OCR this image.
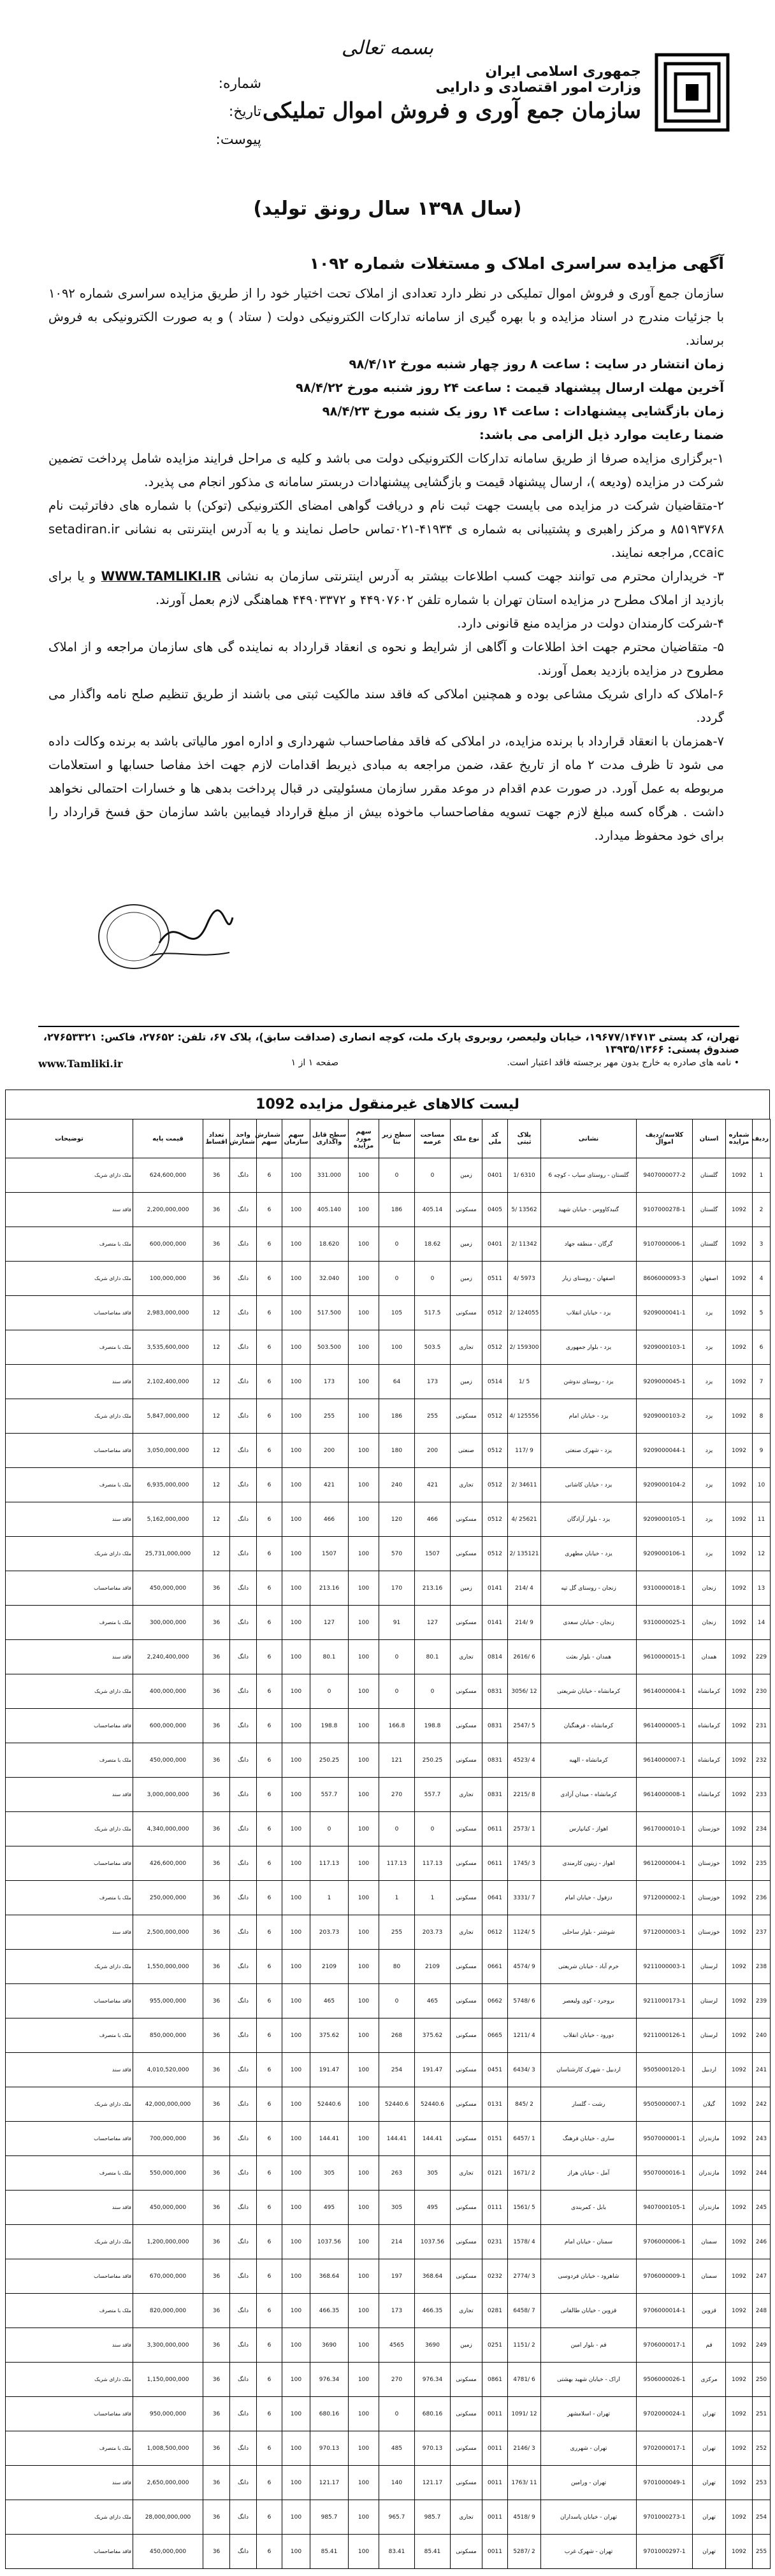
بسمه تعالی
جمهوری اسلامی ایران
وزارت امور اقتصادی و دارایی
سازمان جمع آوری و فروش اموال تملیکی
شماره:
تاریخ:
پیوست:
(سال ۱۳۹۸ سال رونق تولید)
آگهی مزایده سراسری املاک و مستغلات شماره ۱۰۹۲

سازمان جمع آوری و فروش اموال تملیکی در نظر دارد تعدادی از املاک تحت اختیار خود را از طریق مزایده سراسری شماره ۱۰۹۲ با جزئیات مندرج در اسناد مزایده و با بهره گیری از سامانه تدارکات الکترونیکی دولت ( ستاد ) و به صورت الکترونیکی به فروش برساند.

زمان انتشار در سایت : ساعت ۸ روز چهار شنبه مورخ ۹۸/۴/۱۲

آخرین مهلت ارسال پیشنهاد قیمت : ساعت ۲۴ روز شنبه مورخ ۹۸/۴/۲۲

زمان بازگشایی پیشنهادات : ساعت ۱۴ روز یک شنبه مورخ ۹۸/۴/۲۳

ضمنا رعایت موارد ذیل الزامی می باشد:

۱-برگزاری مزایده صرفا از طریق سامانه تدارکات الکترونیکی دولت می باشد و کلیه ی مراحل فرایند مزایده شامل پرداخت تضمین شرکت در مزایده (ودیعه )، ارسال پیشنهاد قیمت و بازگشایی پیشنهادات دربستر سامانه ی مذکور انجام می پذیرد.

۲-متقاضیان شرکت در مزایده می بایست جهت ثبت نام و دریافت گواهی امضای الکترونیکی (توکن) با شماره های دفاترثبت نام ۸۵۱۹۳۷۶۸ و مرکز راهبری و پشتیبانی به شماره ی ۴۱۹۳۴-۰۲۱تماس حاصل نمایند و یا به آدرس اینترنتی به نشانی setadiran.ir ,ccaic مراجعه نمایند.

۳- خریداران محترم می توانند جهت کسب اطلاعات بیشتر به آدرس اینترنتی سازمان به نشانی WWW.TAMLIKI.IR و یا برای بازدید از املاک مطرح در مزایده استان تهران با شماره تلفن ۴۴۹۰۷۶۰۲ و ۴۴۹۰۳۳۷۲ هماهنگی لازم بعمل آورند.

۴-شرکت کارمندان دولت در مزایده منع قانونی دارد.

۵- متقاضیان محترم جهت اخذ اطلاعات و آگاهی از شرایط و نحوه ی انعقاد قرارداد به نماینده گی های سازمان مراجعه و از املاک مطروح در مزایده بازدید بعمل آورند.

۶-املاک که دارای شریک مشاعی بوده و همچنین املاکی که فاقد سند مالکیت ثبتی می باشند از طریق تنظیم صلح نامه واگذار می گردد.

۷-همزمان با انعقاد قرارداد با برنده مزایده، در املاکی که فاقد مفاصاحساب شهرداری و اداره امور مالیاتی باشد به برنده وکالت داده می شود تا ظرف مدت ۲ ماه از تاریخ عقد، ضمن مراجعه به مبادی ذیربط اقدامات لازم جهت اخذ مفاصا حسابها و استعلامات مربوطه به عمل آورد. در صورت عدم اقدام در موعد مقرر سازمان مسئولیتی در قبال پرداخت بدهی ها و خسارات احتمالی نخواهد داشت . هرگاه کسه مبلغ لازم جهت تسویه مفاصاحساب ماخوذه بیش از مبلغ قرارداد فیمابین باشد سازمان حق فسخ قرارداد را برای خود محفوظ میدارد.

تهران، کد پستی ۱۹۶۷۷/۱۴۷۱۳، خیابان ولیعصر، روبروی پارک ملت، کوچه انصاری (صداقت سابق)، پلاک ۶۷، تلفن: ۲۷۶۵۲، فاکس: ۲۷۶۵۳۳۲۱، صندوق پستی: ۱۳۹۳۵/۱۳۶۶
• نامه های صادره به خارج بدون مهر برجسته فاقد اعتبار است.
صفحه ۱ از ۱
www.Tamliki.ir
لیست کالاهای غیرمنقول مزایده 1092
ردیف	شماره مزایده	استان	کلاسه/ردیف اموال	نشانی	پلاک ثبتی	کد ملی	نوع ملک	مساحت عرصه	سطح زیر بنا	سهم مورد مزایده	سطح قابل واگذاری	سهم سازمان	شمارش سهم	واحد شمارش	تعداد اقساط	قیمت پایه	توضیحات
1	1092	گلستان	9407000077-2	گلستان - روستای سیاب - کوچه 6	6310 /1	0401	زمین	0	0	100	331.000	100	6	دانگ	36	624,600,000	ملک دارای شریک
2	1092	گلستان	9107000278-1	گنبدکاووس - خیابان شهید	13562 /5	0405	مسکونی	405.14	186	100	405.140	100	6	دانگ	36	2,200,000,000	فاقد سند
3	1092	گلستان	9107000006-1	گرگان - منطقه جهاد	11342 /2	0401	زمین	18.62	0	100	18.620	100	6	دانگ	36	600,000,000	ملک با متصرف
4	1092	اصفهان	8606000093-3	اصفهان - روستای زیار	5973 /4	0511	زمین	0	0	100	32.040	100	6	دانگ	36	100,000,000	ملک دارای شریک
5	1092	یزد	9209000041-1	یزد - خیابان انقلاب	124055 /2	0512	مسکونی	517.5	105	100	517.500	100	6	دانگ	12	2,983,000,000	فاقد مفاصاحساب
6	1092	یزد	9209000103-1	یزد - بلوار جمهوری	159300 /2	0512	تجاری	503.5	100	100	503.500	100	6	دانگ	12	3,535,600,000	ملک با متصرف
7	1092	یزد	9209000045-1	یزد - روستای ندوشن	5 /1	0514	زمین	173	64	100	173	100	6	دانگ	12	2,102,400,000	فاقد سند
8	1092	یزد	9209000103-2	یزد - خیابان امام	125556 /4	0512	مسکونی	255	186	100	255	100	6	دانگ	12	5,847,000,000	ملک دارای شریک
9	1092	یزد	9209000044-1	یزد - شهرک صنعتی	9 /117	0512	صنعتی	200	180	100	200	100	6	دانگ	12	3,050,000,000	فاقد مفاصاحساب
10	1092	یزد	9209000104-2	یزد - خیابان کاشانی	34611 /2	0512	تجاری	421	240	100	421	100	6	دانگ	12	6,935,000,000	ملک با متصرف
11	1092	یزد	9209000105-1	یزد - بلوار آزادگان	25621 /4	0512	مسکونی	466	120	100	466	100	6	دانگ	12	5,162,000,000	فاقد سند
12	1092	یزد	9209000106-1	یزد - خیابان مطهری	135121 /2	0512	مسکونی	1507	570	100	1507	100	6	دانگ	12	25,731,000,000	ملک دارای شریک
13	1092	زنجان	9310000018-1	زنجان - روستای گل تپه	4 /214	0141	زمین	213.16	170	100	213.16	100	6	دانگ	36	450,000,000	فاقد مفاصاحساب
14	1092	زنجان	9310000025-1	زنجان - خیابان سعدی	9 /214	0141	مسکونی	127	91	100	127	100	6	دانگ	36	300,000,000	ملک با متصرف
229	1092	همدان	9610000015-1	همدان - بلوار بعثت	6 /2616	0814	تجاری	80.1	0	100	80.1	100	6	دانگ	36	2,240,400,000	فاقد سند
230	1092	کرمانشاه	9614000004-1	کرمانشاه - خیابان شریعتی	12 /3056	0831	مسکونی	0	0	100	0	100	6	دانگ	36	400,000,000	ملک دارای شریک
231	1092	کرمانشاه	9614000005-1	کرمانشاه - فرهنگیان	5 /2547	0831	مسکونی	198.8	166.8	100	198.8	100	6	دانگ	36	600,000,000	فاقد مفاصاحساب
232	1092	کرمانشاه	9614000007-1	کرمانشاه - الهیه	4 /4523	0831	مسکونی	250.25	121	100	250.25	100	6	دانگ	36	450,000,000	ملک با متصرف
233	1092	کرمانشاه	9614000008-1	کرمانشاه - میدان آزادی	8 /2215	0831	تجاری	557.7	270	100	557.7	100	6	دانگ	36	3,000,000,000	فاقد سند
234	1092	خوزستان	9617000010-1	اهواز - کیانپارس	1 /2573	0611	مسکونی	0	0	100	0	100	6	دانگ	36	4,340,000,000	ملک دارای شریک
235	1092	خوزستان	9612000004-1	اهواز - زیتون کارمندی	3 /1745	0611	مسکونی	117.13	117.13	100	117.13	100	6	دانگ	36	426,600,000	فاقد مفاصاحساب
236	1092	خوزستان	9712000002-1	دزفول - خیابان امام	7 /3331	0641	مسکونی	1	1	100	1	100	6	دانگ	36	250,000,000	ملک با متصرف
237	1092	خوزستان	9712000003-1	شوشتر - بلوار ساحلی	5 /1124	0612	تجاری	203.73	255	100	203.73	100	6	دانگ	36	2,500,000,000	فاقد سند
238	1092	لرستان	9211000003-1	خرم آباد - خیابان شریعتی	9 /4574	0661	مسکونی	2109	80	100	2109	100	6	دانگ	36	1,550,000,000	ملک دارای شریک
239	1092	لرستان	9211000173-1	بروجرد - کوی ولیعصر	6 /5748	0662	مسکونی	465	0	100	465	100	6	دانگ	36	955,000,000	فاقد مفاصاحساب
240	1092	لرستان	9211000126-1	دورود - خیابان انقلاب	4 /1211	0665	مسکونی	375.62	268	100	375.62	100	6	دانگ	36	850,000,000	ملک با متصرف
241	1092	اردبیل	9505000120-1	اردبیل - شهرک کارشناسان	3 /6434	0451	مسکونی	191.47	254	100	191.47	100	6	دانگ	36	4,010,520,000	فاقد سند
242	1092	گیلان	9505000007-1	رشت - گلسار	2 /845	0131	مسکونی	52440.6	52440.6	100	52440.6	100	6	دانگ	36	42,000,000,000	ملک دارای شریک
243	1092	مازندران	9507000001-1	ساری - خیابان فرهنگ	1 /6457	0151	مسکونی	144.41	144.41	100	144.41	100	6	دانگ	36	700,000,000	فاقد مفاصاحساب
244	1092	مازندران	9507000016-1	آمل - خیابان هراز	2 /1671	0121	تجاری	305	263	100	305	100	6	دانگ	36	550,000,000	ملک با متصرف
245	1092	مازندران	9407000105-1	بابل - کمربندی	5 /1561	0111	مسکونی	495	305	100	495	100	6	دانگ	36	450,000,000	فاقد سند
246	1092	سمنان	9706000006-1	سمنان - خیابان امام	4 /1578	0231	مسکونی	1037.56	214	100	1037.56	100	6	دانگ	36	1,200,000,000	ملک دارای شریک
247	1092	سمنان	9706000009-1	شاهرود - خیابان فردوسی	3 /2774	0232	مسکونی	368.64	197	100	368.64	100	6	دانگ	36	670,000,000	فاقد مفاصاحساب
248	1092	قزوین	9706000014-1	قزوین - خیابان طالقانی	7 /6458	0281	تجاری	466.35	173	100	466.35	100	6	دانگ	36	820,000,000	ملک با متصرف
249	1092	قم	9706000017-1	قم - بلوار امین	2 /1151	0251	زمین	3690	4565	100	3690	100	6	دانگ	36	3,300,000,000	فاقد سند
250	1092	مرکزی	9506000026-1	اراک - خیابان شهید بهشتی	6 /4781	0861	مسکونی	976.34	270	100	976.34	100	6	دانگ	36	1,150,000,000	ملک دارای شریک
251	1092	تهران	9702000024-1	تهران - اسلامشهر	12 /1091	0011	مسکونی	680.16	0	100	680.16	100	6	دانگ	36	950,000,000	فاقد مفاصاحساب
252	1092	تهران	9702000017-1	تهران - شهرری	3 /2146	0011	مسکونی	970.13	485	100	970.13	100	6	دانگ	36	1,008,500,000	ملک با متصرف
253	1092	تهران	9701000049-1	تهران - ورامین	11 /1763	0011	مسکونی	121.17	140	100	121.17	100	6	دانگ	36	2,650,000,000	فاقد سند
254	1092	تهران	9701000273-1	تهران - خیابان پاسداران	9 /4518	0011	تجاری	985.7	965.7	100	985.7	100	6	دانگ	36	28,000,000,000	ملک دارای شریک
255	1092	تهران	9701000297-1	تهران - شهرک غرب	2 /5287	0011	مسکونی	85.41	83.41	100	85.41	100	6	دانگ	36	450,000,000	فاقد مفاصاحساب
